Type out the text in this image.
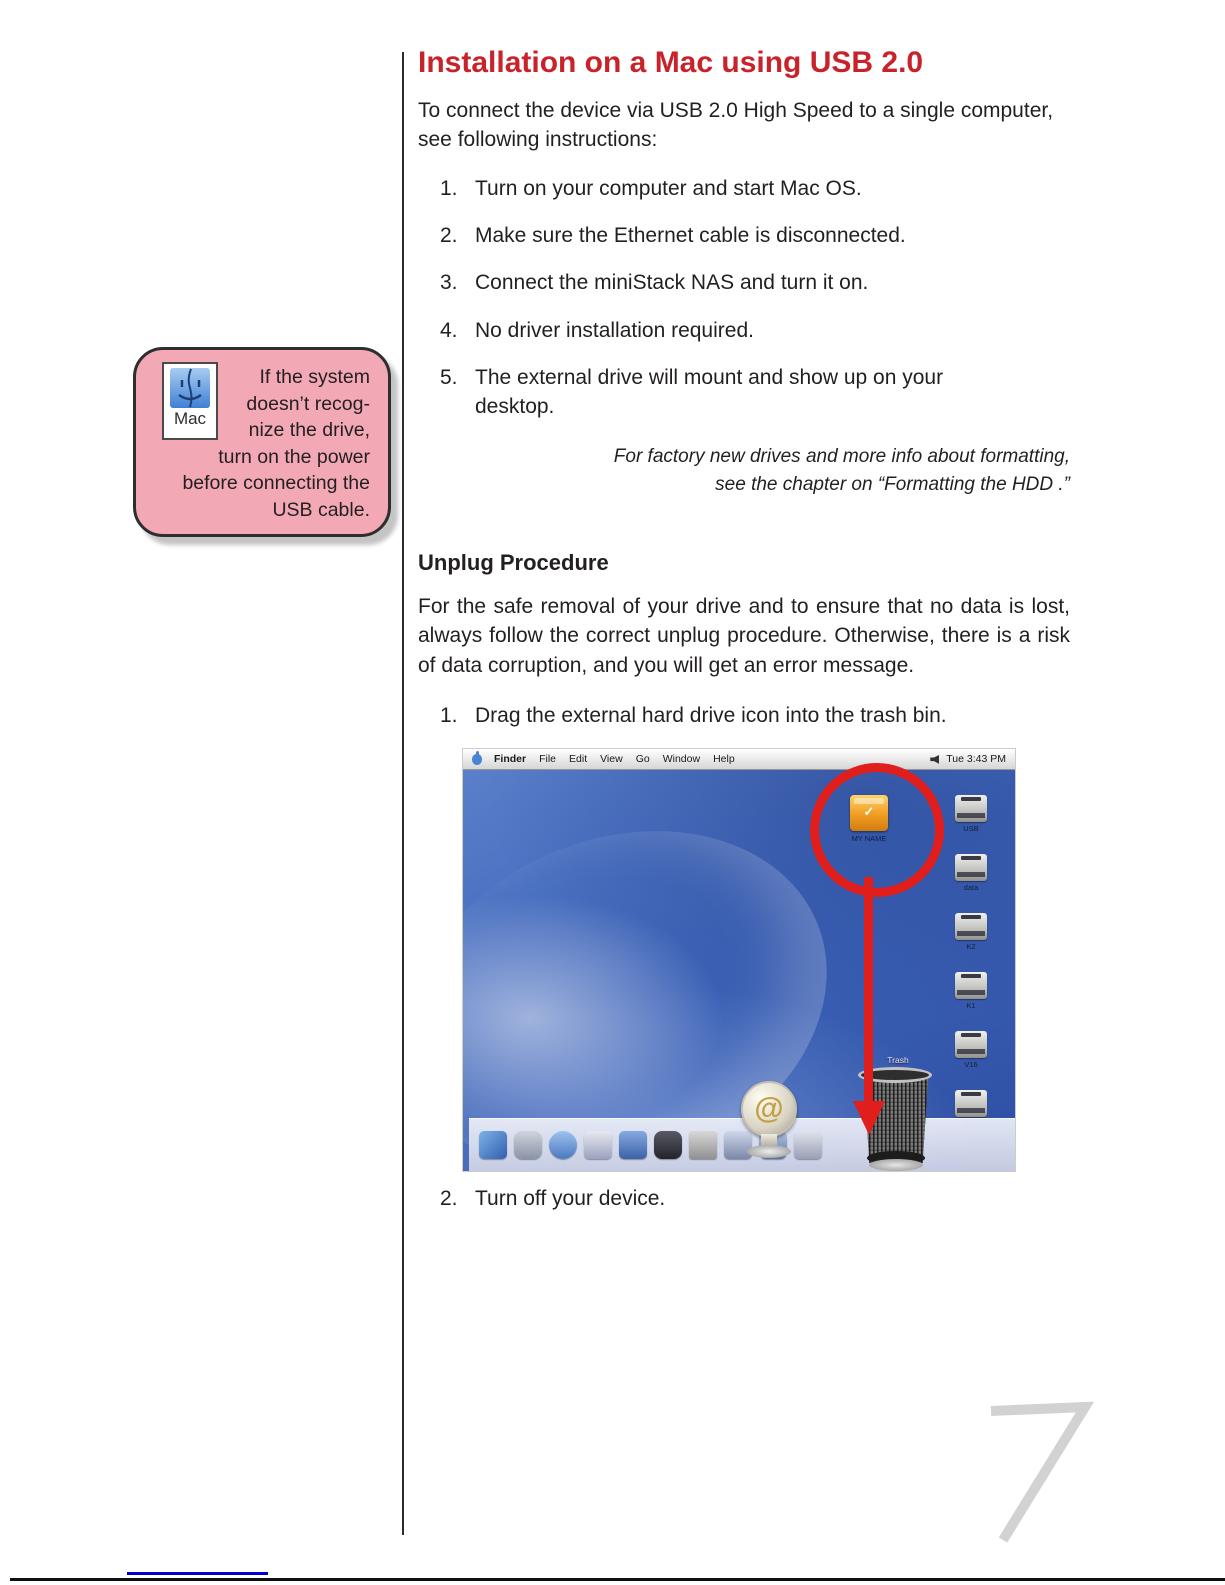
Mac
If the system
doesn’t recog-
nize the drive,
turn on the power
before connecting the
USB cable.
Installation on a Mac using USB 2.0

To connect the device via USB 2.0 High Speed to a single computer, see following instructions:

1. Turn on your computer and start Mac OS.
2. Make sure the Ethernet cable is disconnected.
3. Connect the miniStack NAS and turn it on.
4. No driver installation required.
5. The external drive will mount and show up on your desktop.

For factory new drives and more info about formatting,
see the chapter on “Formatting the HDD .”

Unplug Procedure

For the safe removal of your drive and to ensure that no data is lost, always follow the correct unplug procedure. Otherwise, there is a risk of data corruption, and you will get an error message.

1. Drag the external hard drive icon into the trash bin.
Finder File Edit View Go Window Help	Tue 3:43 PM
✓
MY NAME
USB
data
K2
K1
V16
Trash
@
2. Turn off your device.
